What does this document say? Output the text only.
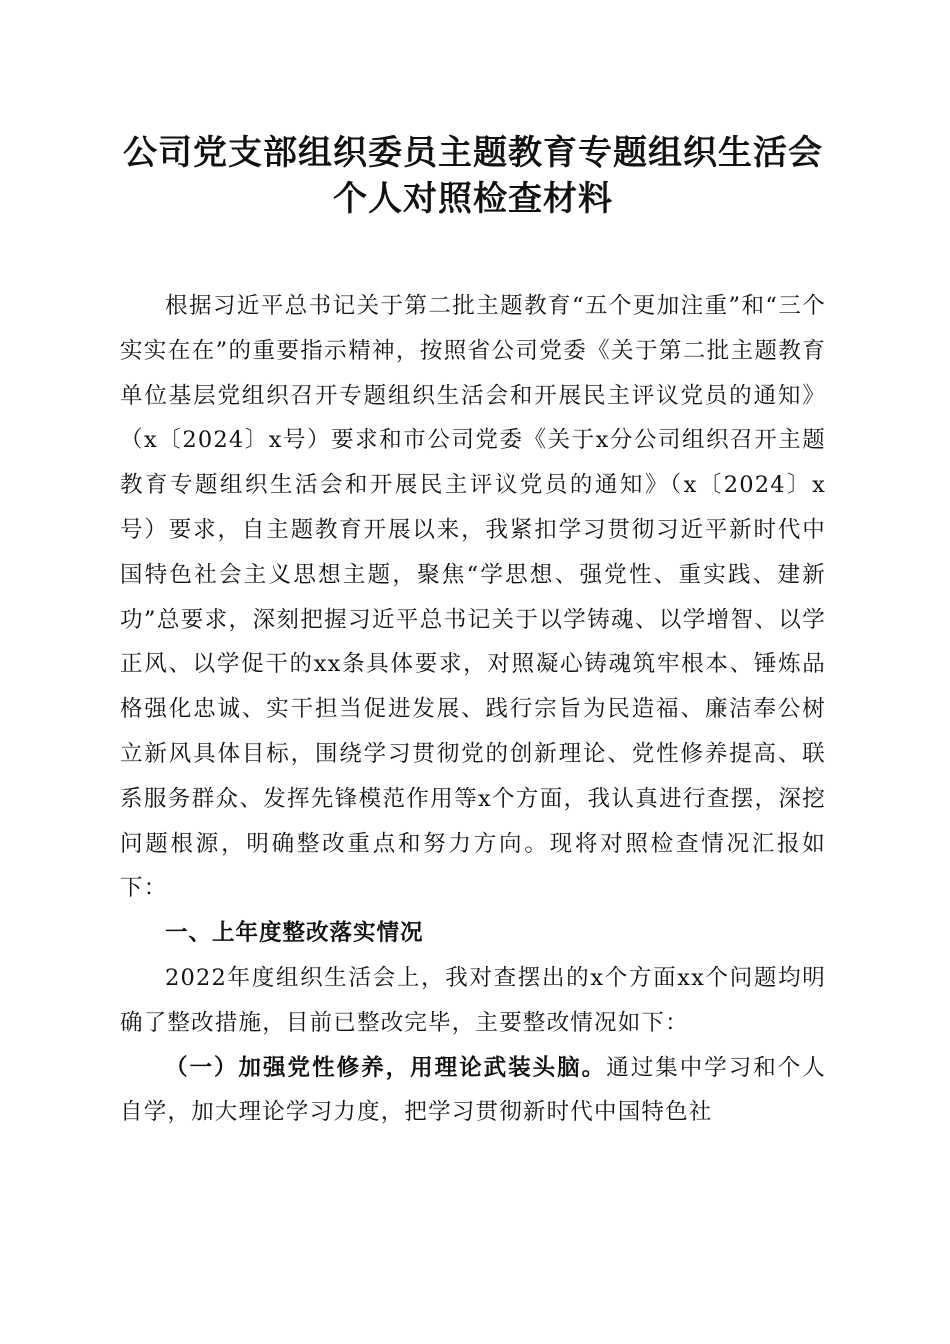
公司党支部组织委员主题教育专题组织生活会
个人对照检查材料

根据习近平总书记关于第二批主题教育“五个更加注重”和“三个实实在在”的重要指示精神，按照省公司党委《关于第二批主题教育单位基层党组织召开专题组织生活会和开展民主评议党员的通知》（x〔2024〕x号）要求和市公司党委《关于x分公司组织召开主题教育专题组织生活会和开展民主评议党员的通知》（x〔2024〕x号）要求，自主题教育开展以来，我紧扣学习贯彻习近平新时代中国特色社会主义思想主题，聚焦“学思想、强党性、重实践、建新功”总要求，深刻把握习近平总书记关于以学铸魂、以学增智、以学正风、以学促干的xx条具体要求，对照凝心铸魂筑牢根本、锤炼品格强化忠诚、实干担当促进发展、践行宗旨为民造福、廉洁奉公树立新风具体目标，围绕学习贯彻党的创新理论、党性修养提高、联系服务群众、发挥先锋模范作用等x个方面，我认真进行查摆，深挖问题根源，明确整改重点和努力方向。现将对照检查情况汇报如下：

一、上年度整改落实情况

2022年度组织生活会上，我对查摆出的x个方面xx个问题均明确了整改措施，目前已整改完毕，主要整改情况如下：

（一）加强党性修养，用理论武装头脑。通过集中学习和个人自学，加大理论学习力度，把学习贯彻新时代中国特色社
